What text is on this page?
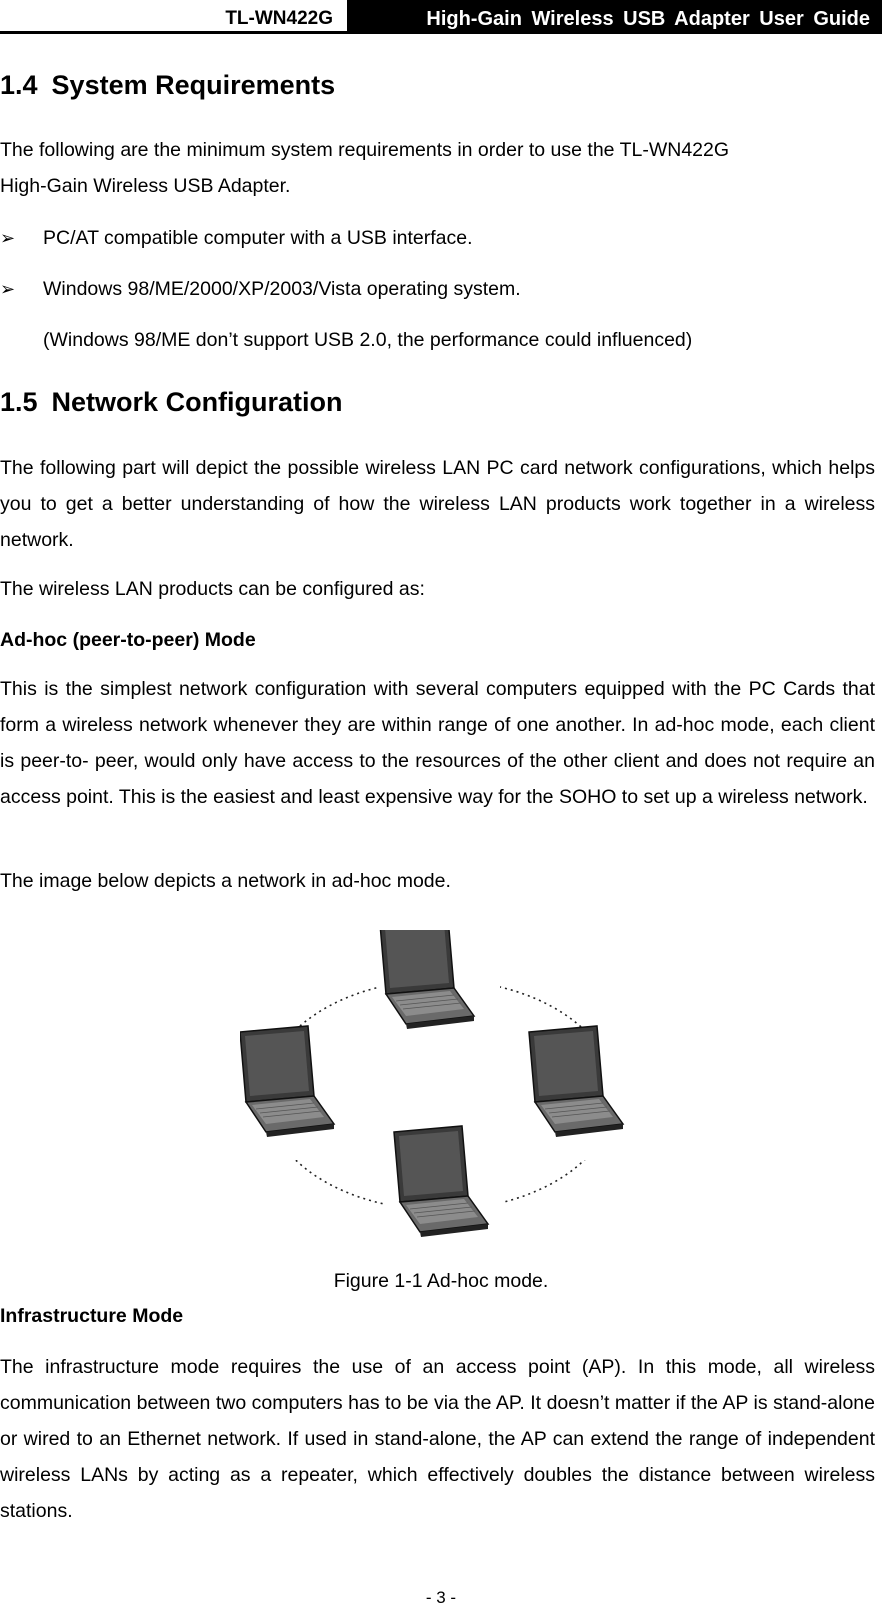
TL-WN422G	High-Gain Wireless USB Adapter User Guide
1.4 System Requirements
The following are the minimum system requirements in order to use the TL-WN422G
High-Gain Wireless USB Adapter.
➢ PC/AT compatible computer with a USB interface.
➢ Windows 98/ME/2000/XP/2003/Vista operating system.
(Windows 98/ME don’t support USB 2.0, the performance could influenced)
1.5 Network Configuration
The following part will depict the possible wireless LAN PC card network configurations, which helps you to get a better understanding of how the wireless LAN products work together in a wireless network.
The wireless LAN products can be configured as:
Ad-hoc (peer-to-peer) Mode
This is the simplest network configuration with several computers equipped with the PC Cards that form a wireless network whenever they are within range of one another. In ad-hoc mode, each client is peer-to- peer, would only have access to the resources of the other client and does not require an access point. This is the easiest and least expensive way for the SOHO to set up a wireless network.
The image below depicts a network in ad-hoc mode.
Figure 1-1 Ad-hoc mode.
Infrastructure Mode
The infrastructure mode requires the use of an access point (AP). In this mode, all wireless communication between two computers has to be via the AP. It doesn’t matter if the AP is stand-alone or wired to an Ethernet network. If used in stand-alone, the AP can extend the range of independent wireless LANs by acting as a repeater, which effectively doubles the distance between wireless stations.
- 3 -
